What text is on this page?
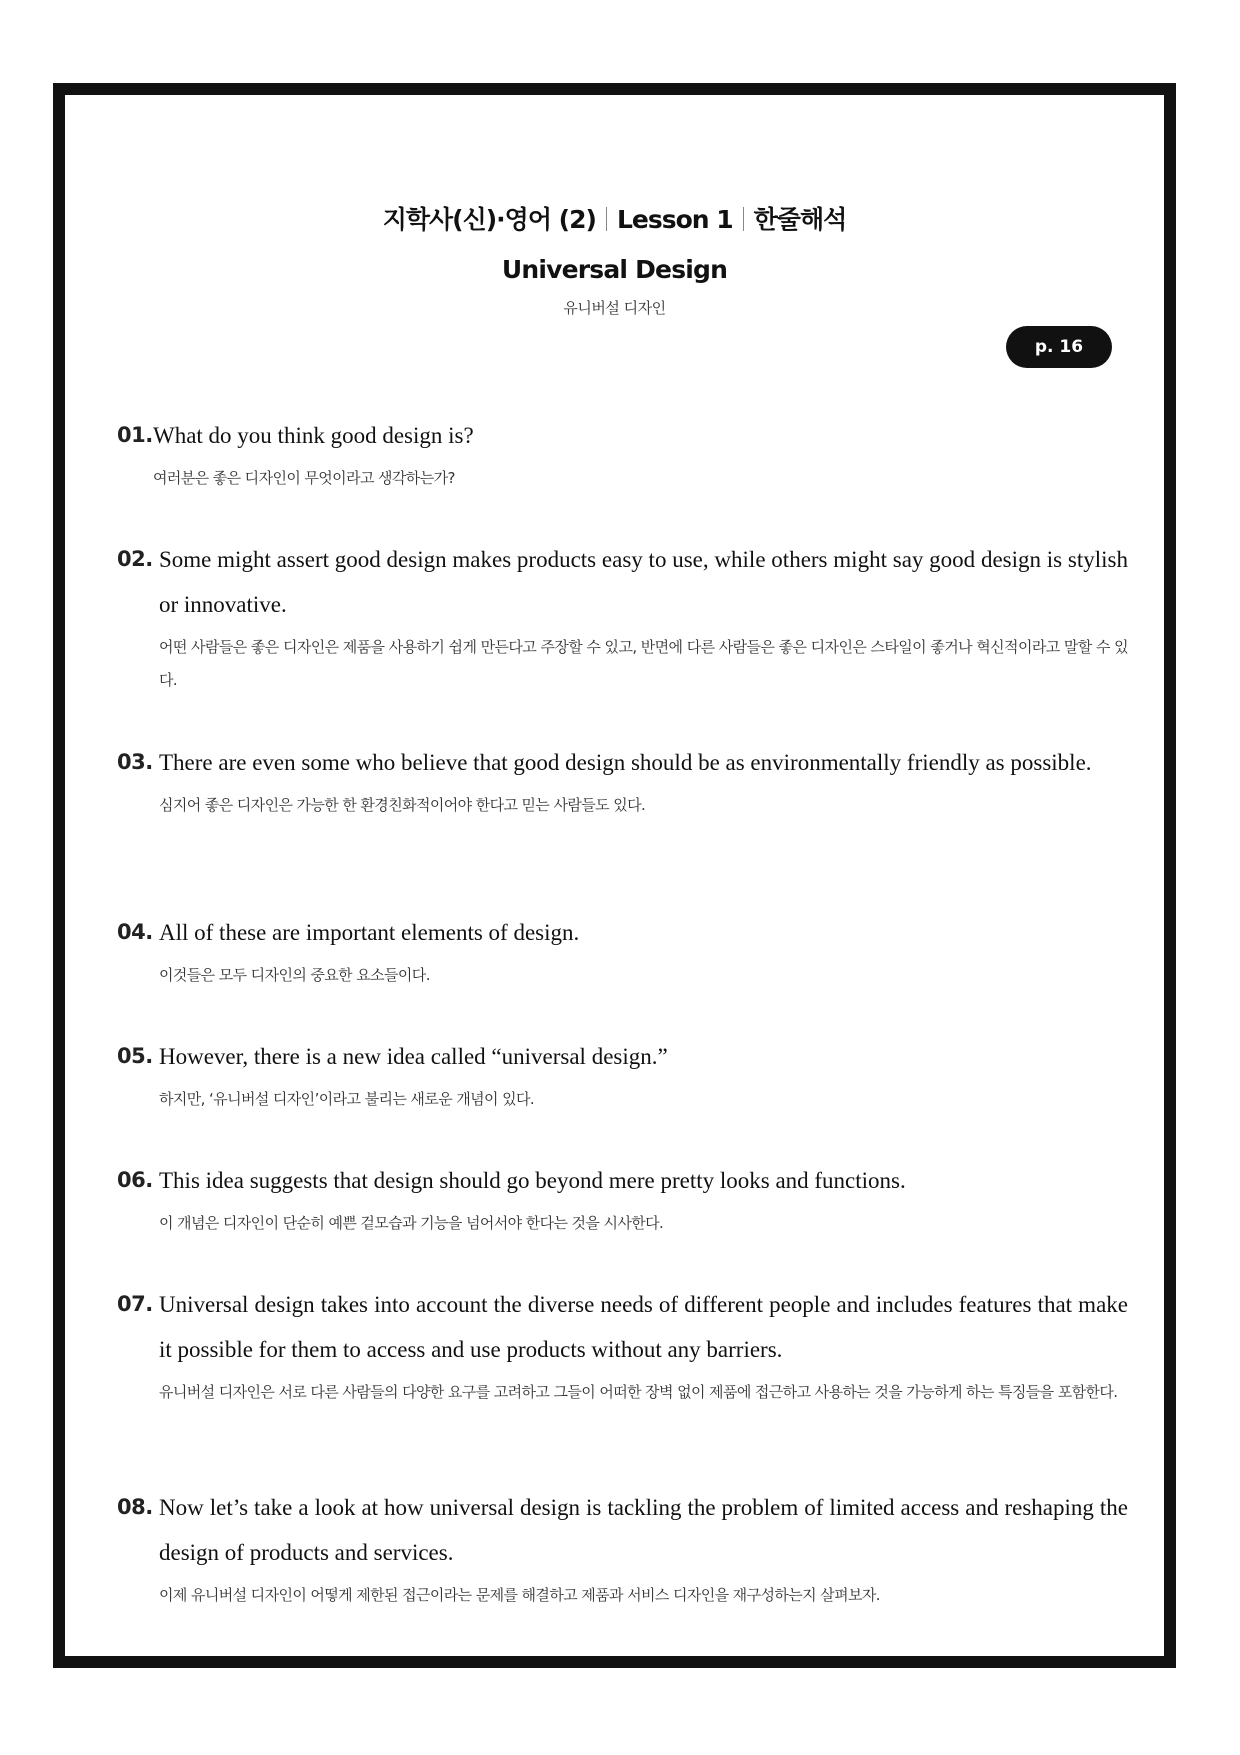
지학사(신)·영어 (2) Lesson 1 한줄해석
Universal Design
유니버설 디자인
p. 16
01. What do you think good design is?
여러분은 좋은 디자인이 무엇이라고 생각하는가?
02. Some might assert good design makes products easy to use, while others might say good design is stylish or innovative.
어떤 사람들은 좋은 디자인은 제품을 사용하기 쉽게 만든다고 주장할 수 있고, 반면에 다른 사람들은 좋은 디자인은 스타일이 좋거나 혁신적이라고 말할 수 있다.
03. There are even some who believe that good design should be as environmentally friendly as possible.
심지어 좋은 디자인은 가능한 한 환경친화적이어야 한다고 믿는 사람들도 있다.
04. All of these are important elements of design.
이것들은 모두 디자인의 중요한 요소들이다.
05. However, there is a new idea called “universal design.”
하지만, ‘유니버설 디자인’이라고 불리는 새로운 개념이 있다.
06. This idea suggests that design should go beyond mere pretty looks and functions.
이 개념은 디자인이 단순히 예쁜 겉모습과 기능을 넘어서야 한다는 것을 시사한다.
07. Universal design takes into account the diverse needs of different people and includes features that make it possible for them to access and use products without any barriers.
유니버설 디자인은 서로 다른 사람들의 다양한 요구를 고려하고 그들이 어떠한 장벽 없이 제품에 접근하고 사용하는 것을 가능하게 하는 특징들을 포함한다.
08. Now let’s take a look at how universal design is tackling the problem of limited access and reshaping the design of products and services.
이제 유니버설 디자인이 어떻게 제한된 접근이라는 문제를 해결하고 제품과 서비스 디자인을 재구성하는지 살펴보자.
